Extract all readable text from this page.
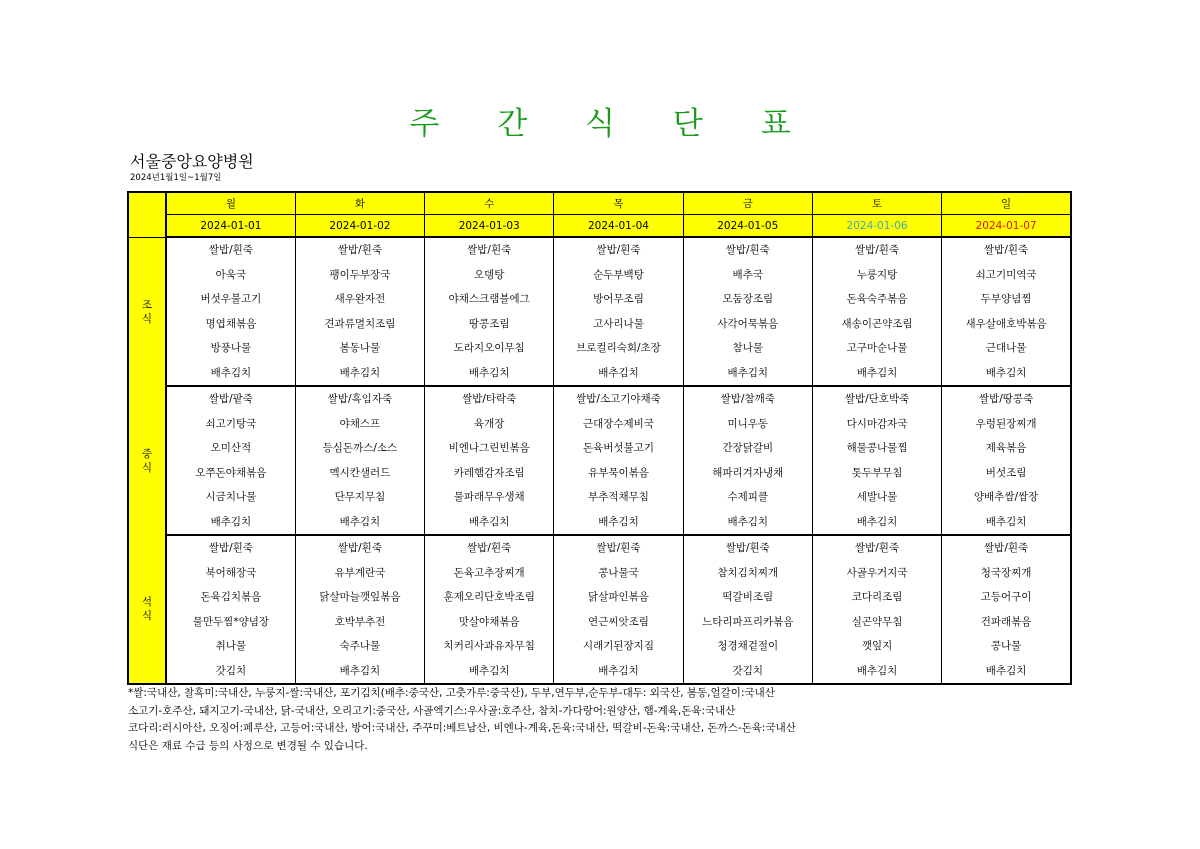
주 간 식 단 표
서울중앙요양병원
2024년1월1일~1월7일
	월	화	수	목	금	토	일
	2024-01-01	2024-01-02	2024-01-03	2024-01-04	2024-01-05	2024-01-06	2024-01-07

조
식	쌀밥/흰죽	쌀밥/흰죽	쌀밥/흰죽	쌀밥/흰죽	쌀밥/흰죽	쌀밥/흰죽	쌀밥/흰죽
	아욱국	팽이두부장국	오뎅탕	순두부백탕	배추국	누룽지탕	쇠고기미역국
	버섯우불고기	새우완자전	야채스크램블에그	방어무조림	모둠장조림	돈육숙주볶음	두부양념찜
	명엽채볶음	견과류멸치조림	땅콩조림	고사리나물	사각어묵볶음	새송이곤약조림	새우살애호박볶음
	방풍나물	봄동나물	도라지오이무침	브로컬리숙회/초장	참나물	고구마순나물	근대나물
	배추김치	배추김치	배추김치	배추김치	배추김치	배추김치	배추김치

중
식	쌀밥/팥죽	쌀밥/흑임자죽	쌀밥/타락죽	쌀밥/소고기야채죽	쌀밥/참깨죽	쌀밥/단호박죽	쌀밥/땅콩죽
	쇠고기탕국	야채스프	육개장	근대장수제비국	미니우동	다시마감자국	우렁된장찌개
	오미산적	등심돈까스/소스	비엔나그린빈볶음	돈육버섯불고기	간장닭갈비	해물콩나물찜	제육볶음
	오쭈돈야채볶음	멕시칸샐러드	카레햄감자조림	유부묵이볶음	해파리겨자냉채	톳두부무침	버섯조림
	시금치나물	단무지무침	물파래무우생채	부추적채무침	수제피클	세발나물	양배추쌈/쌈장
	배추김치	배추김치	배추김치	배추김치	배추김치	배추김치	배추김치

석
식	쌀밥/흰죽	쌀밥/흰죽	쌀밥/흰죽	쌀밥/흰죽	쌀밥/흰죽	쌀밥/흰죽	쌀밥/흰죽
	북어해장국	유부계란국	돈육고추장찌개	콩나물국	참치김치찌개	사골우거지국	청국장찌개
	돈육김치볶음	닭살마늘깻잎볶음	훈제오리단호박조림	닭살파인볶음	떡갈비조림	코다리조림	고등어구이
	물만두찜*양념장	호박부추전	맛살야채볶음	연근씨앗조림	느타리파프리카볶음	실곤약무침	건파래볶음
	취나물	숙주나물	치커리사과유자무침	시래기된장지짐	청경채겉절이	깻잎지	콩나물
	갓김치	배추김치	배추김치	배추김치	갓김치	배추김치	배추김치
*쌀:국내산, 찰흑미:국내산, 누룽지-쌀:국내산, 포기김치(배추:중국산, 고춧가루:중국산), 두부,연두부,순두부-대두: 외국산, 봄동,얼갈이:국내산
소고기-호주산, 돼지고기-국내산, 닭-국내산, 오리고기:중국산, 사골엑기스:우사골:호주산, 참치-가다랑어:원양산, 햄-계육,돈육:국내산
코다리:러시아산, 오징어:페루산, 고등어:국내산, 방어:국내산, 주꾸미:베트남산, 비엔나-계육,돈육:국내산, 떡갈비-돈육:국내산, 돈까스-돈육:국내산
식단은 재료 수급 등의 사정으로 변경될 수 있습니다.
